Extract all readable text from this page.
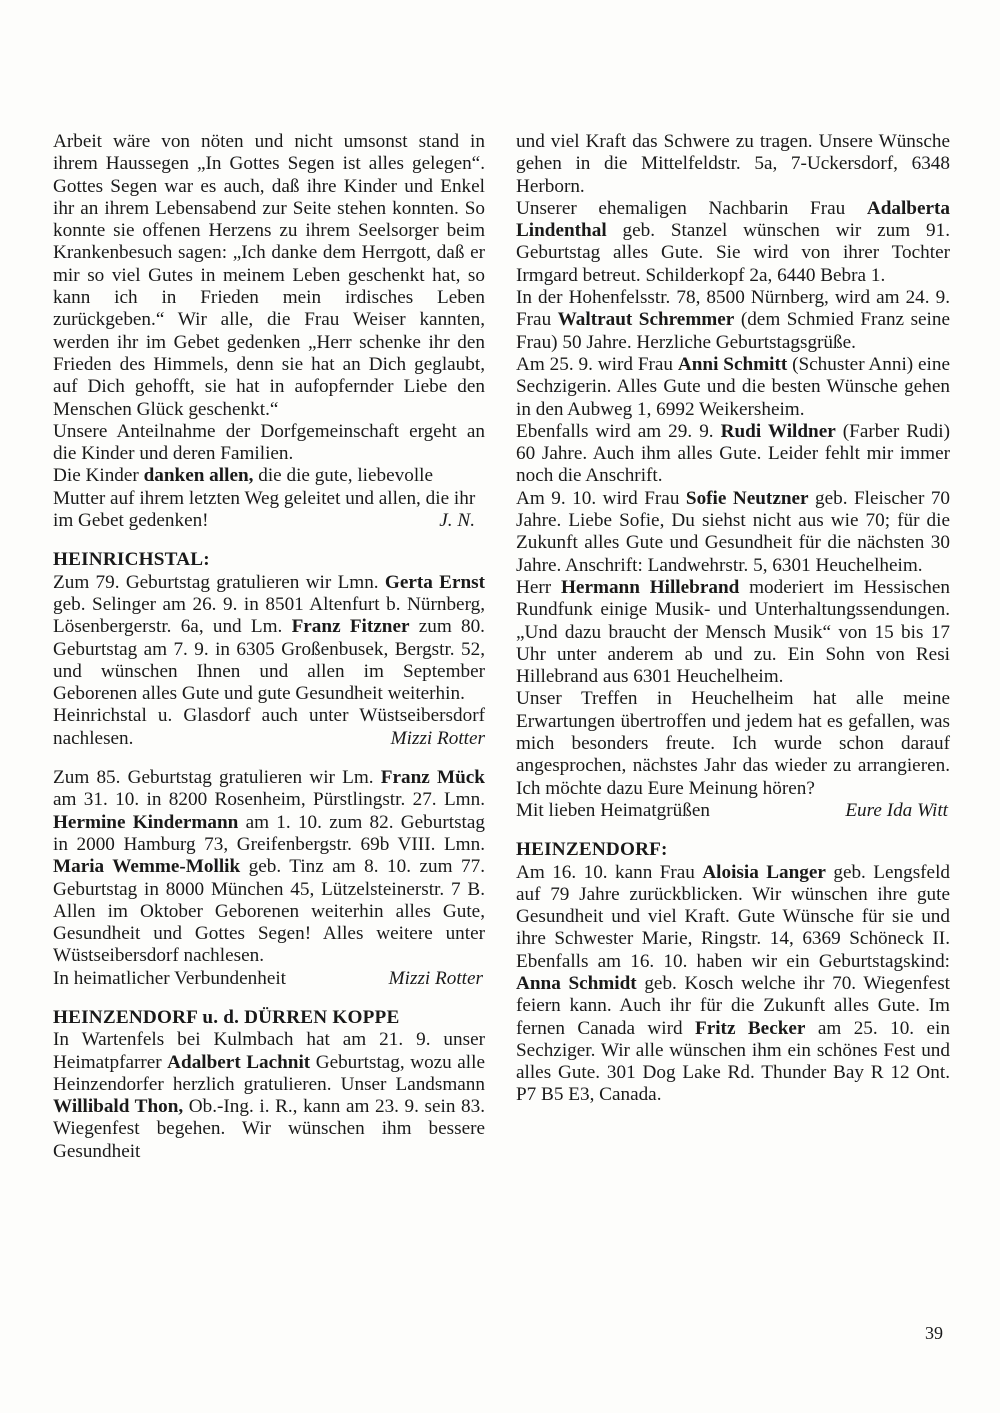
Arbeit wäre von nöten und nicht umsonst stand in ihrem Haussegen „In Gottes Segen ist alles gelegen“. Gottes Segen war es auch, daß ihre Kinder und Enkel ihr an ihrem Lebensabend zur Seite stehen konnten. So konnte sie offenen Herzens zu ihrem Seelsorger beim Krankenbesuch sagen: „Ich danke dem Herrgott, daß er mir so viel Gutes in meinem Leben geschenkt hat, so kann ich in Frieden mein irdisches Leben zurückgeben.“ Wir alle, die Frau Weiser kannten, werden ihr im Gebet gedenken „Herr schenke ihr den Frieden des Himmels, denn sie hat an Dich geglaubt, auf Dich gehofft, sie hat in aufopfernder Liebe den Menschen Glück geschenkt.“

Unsere Anteilnahme der Dorfgemeinschaft ergeht an die Kinder und deren Familien.

Die Kinder danken allen, die die gute, liebevolle Mutter auf ihrem letzten Weg geleitet und allen, die ihr im Gebet gedenken!	J. N.

HEINRICHSTAL:

Zum 79. Geburtstag gratulieren wir Lmn. Gerta Ernst geb. Selinger am 26. 9. in 8501 Altenfurt b. Nürnberg, Lösenbergerstr. 6a, und Lm. Franz Fitzner zum 80. Geburtstag am 7. 9. in 6305 Großenbusek, Bergstr. 52, und wünschen Ihnen und allen im September Geborenen alles Gute und gute Gesundheit weiterhin.

Heinrichstal u. Glasdorf auch unter Wüstseibersdorf nachlesen.	Mizzi Rotter

Zum 85. Geburtstag gratulieren wir Lm. Franz Mück am 31. 10. in 8200 Rosenheim, Pürstlingstr. 27. Lmn. Hermine Kindermann am 1. 10. zum 82. Geburtstag in 2000 Hamburg 73, Greifenbergstr. 69b VIII. Lmn. Maria Wemme-Mollik geb. Tinz am 8. 10. zum 77. Geburtstag in 8000 München 45, Lützelsteinerstr. 7 B. Allen im Oktober Geborenen weiterhin alles Gute, Gesundheit und Gottes Segen! Alles weitere unter Wüstseibersdorf nachlesen.

In heimatlicher Verbundenheit	Mizzi Rotter

HEINZENDORF u. d. DÜRREN KOPPE

In Wartenfels bei Kulmbach hat am 21. 9. unser Heimatpfarrer Adalbert Lachnit Geburtstag, wozu alle Heinzendorfer herzlich gratulieren. Unser Landsmann Willibald Thon, Ob.-Ing. i. R., kann am 23. 9. sein 83. Wiegenfest begehen. Wir wünschen ihm bessere Gesundheit

und viel Kraft das Schwere zu tragen. Unsere Wünsche gehen in die Mittelfeldstr. 5a, 7-Uckersdorf, 6348 Herborn.

Unserer ehemaligen Nachbarin Frau Adalberta Lindenthal geb. Stanzel wünschen wir zum 91. Geburtstag alles Gute. Sie wird von ihrer Tochter Irmgard betreut. Schilderkopf 2a, 6440 Bebra 1.

In der Hohenfelsstr. 78, 8500 Nürnberg, wird am 24. 9. Frau Waltraut Schremmer (dem Schmied Franz seine Frau) 50 Jahre. Herzliche Geburtstagsgrüße.

Am 25. 9. wird Frau Anni Schmitt (Schuster Anni) eine Sechzigerin. Alles Gute und die besten Wünsche gehen in den Aubweg 1, 6992 Weikersheim.

Ebenfalls wird am 29. 9. Rudi Wildner (Farber Rudi) 60 Jahre. Auch ihm alles Gute. Leider fehlt mir immer noch die Anschrift.

Am 9. 10. wird Frau Sofie Neutzner geb. Fleischer 70 Jahre. Liebe Sofie, Du siehst nicht aus wie 70; für die Zukunft alles Gute und Gesundheit für die nächsten 30 Jahre. Anschrift: Landwehrstr. 5, 6301 Heuchelheim.

Herr Hermann Hillebrand moderiert im Hessischen Rundfunk einige Musik- und Unterhaltungssendungen. „Und dazu braucht der Mensch Musik“ von 15 bis 17 Uhr unter anderem ab und zu. Ein Sohn von Resi Hillebrand aus 6301 Heuchelheim.

Unser Treffen in Heuchelheim hat alle meine Erwartungen übertroffen und jedem hat es gefallen, was mich besonders freute. Ich wurde schon darauf angesprochen, nächstes Jahr das wieder zu arrangieren. Ich möchte dazu Eure Meinung hören?

Mit lieben Heimatgrüßen	Eure Ida Witt

HEINZENDORF:

Am 16. 10. kann Frau Aloisia Langer geb. Lengsfeld auf 79 Jahre zurückblicken. Wir wünschen ihre gute Gesundheit und viel Kraft. Gute Wünsche für sie und ihre Schwester Marie, Ringstr. 14, 6369 Schöneck II. Ebenfalls am 16. 10. haben wir ein Geburtstagskind: Anna Schmidt geb. Kosch welche ihr 70. Wiegenfest feiern kann. Auch ihr für die Zukunft alles Gute. Im fernen Canada wird Fritz Becker am 25. 10. ein Sechziger. Wir alle wünschen ihm ein schönes Fest und alles Gute. 301 Dog Lake Rd. Thunder Bay R 12 Ont. P7 B5 E3, Canada.

39
